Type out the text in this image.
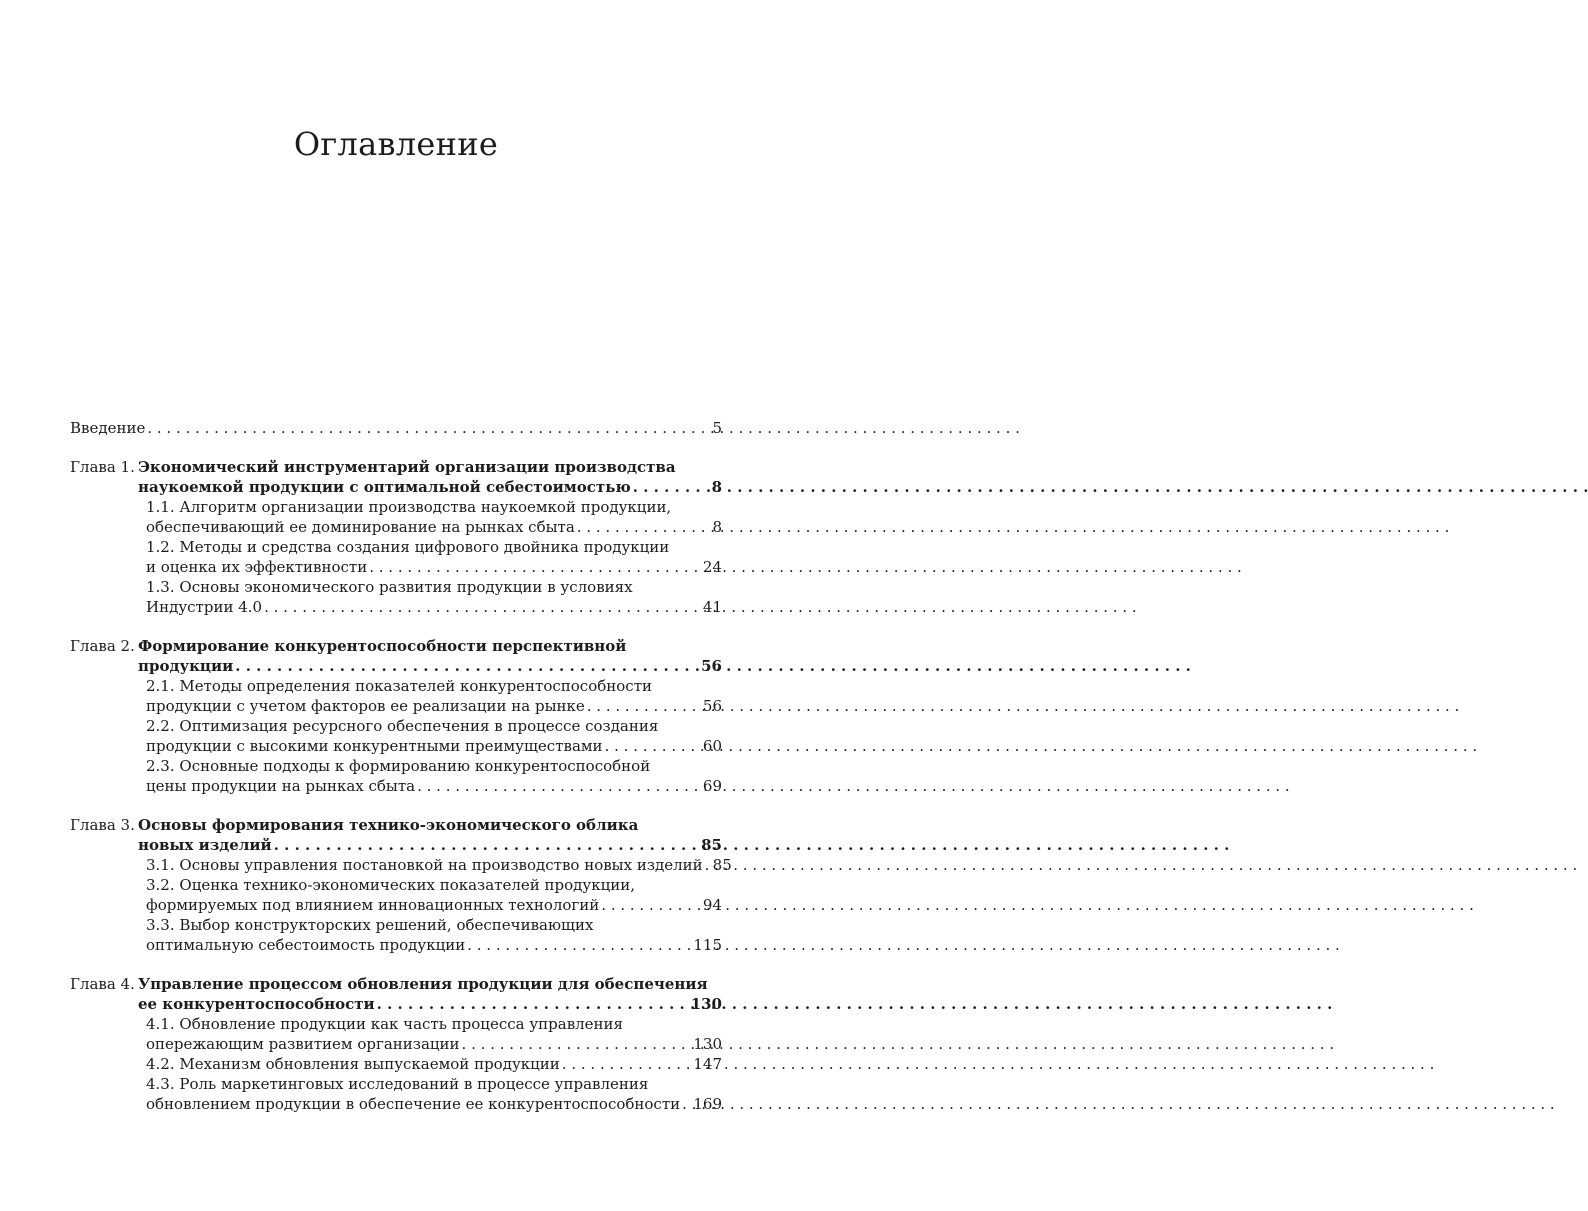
Оглавление
Введение . . .	5
Глава 1. Экономический инструментарий организации производства
наукоемкой продукции с оптимальной себестоимостью . . .	8
1.1. Алгоритм организации производства наукоемкой продукции,
обеспечивающий ее доминирование на рынках сбыта . . .	8
1.2. Методы и средства создания цифрового двойника продукции
и оценка их эффективности . . .	24
1.3. Основы экономического развития продукции в условиях
Индустрии 4.0 . . .	41
Глава 2. Формирование конкурентоспособности перспективной
продукции . . .	56
2.1. Методы определения показателей конкурентоспособности
продукции с учетом факторов ее реализации на рынке . . .	56
2.2. Оптимизация ресурсного обеспечения в процессе создания
продукции с высокими конкурентными преимуществами . . .	60
2.3. Основные подходы к формированию конкурентоспособной
цены продукции на рынках сбыта . . .	69
Глава 3. Основы формирования технико-экономического облика
новых изделий . . .	85
3.1. Основы управления постановкой на производство новых изделий . . . 85
3.2. Оценка технико-экономических показателей продукции,
формируемых под влиянием инновационных технологий . . .	94
3.3. Выбор конструкторских решений, обеспечивающих
оптимальную себестоимость продукции . . .	115
Глава 4. Управление процессом обновления продукции для обеспечения
ее конкурентоспособности . . .	130
4.1. Обновление продукции как часть процесса управления
опережающим развитием организации . . .	130
4.2. Механизм обновления выпускаемой продукции . . .	147
4.3. Роль маркетинговых исследований в процессе управления
обновлением продукции в обеспечение ее конкурентоспособности . . . 169
